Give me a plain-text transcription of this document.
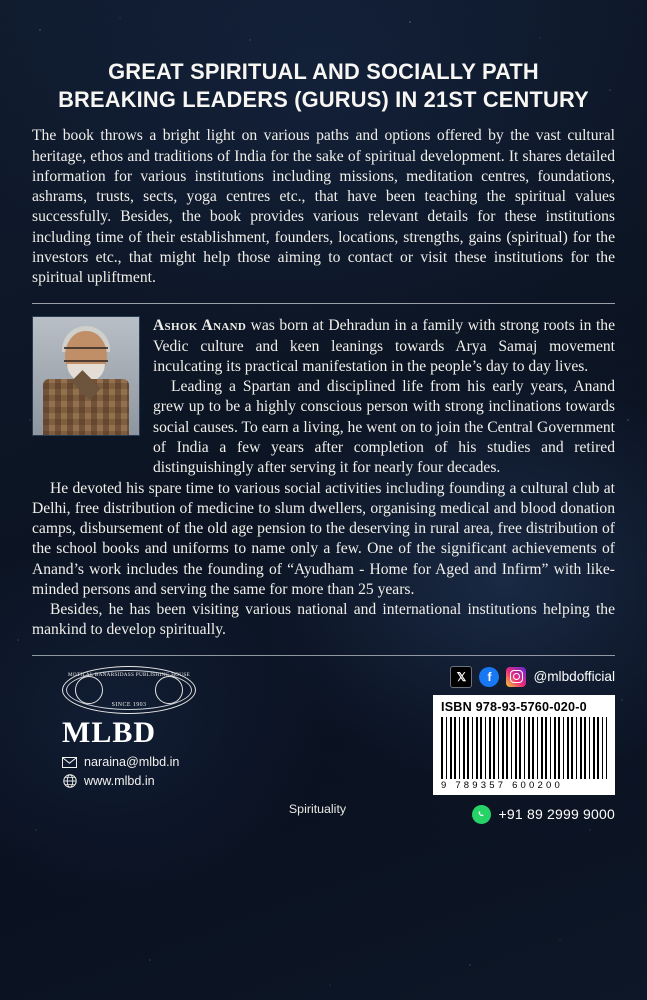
GREAT SPIRITUAL AND SOCIALLY PATH
BREAKING LEADERS (GURUS) IN 21ST CENTURY

The book throws a bright light on various paths and options offered by the vast cultural heritage, ethos and traditions of India for the sake of spiritual development. It shares detailed information for various institutions including missions, meditation centres, foundations, ashrams, trusts, sects, yoga centres etc., that have been teaching the spiritual values successfully. Besides, the book provides various relevant details for these institutions including time of their establishment, founders, locations, strengths, gains (spiritual) for the investors etc., that might help those aiming to contact or visit these institutions for the spiritual upliftment.

Ashok Anand was born at Dehradun in a family with strong roots in the Vedic culture and keen leanings towards Arya Samaj movement inculcating its practical manifestation in the people’s day to day lives.

Leading a Spartan and disciplined life from his early years, Anand grew up to be a highly conscious person with strong inclinations towards social causes. To earn a living, he went on to join the Central Government of India a few years after completion of his studies and retired distinguishingly after serving it for nearly four decades.

He devoted his spare time to various social activities including founding a cultural club at Delhi, free distribution of medicine to slum dwellers, organising medical and blood donation camps, disbursement of the old age pension to the deserving in rural area, free distribution of the school books and uniforms to name only a few. One of the significant achievements of Anand’s work includes the founding of “Ayudham - Home for Aged and Infirm” with like-minded persons and serving the same for more than 25 years.

Besides, he has been visiting various national and international institutions helping the mankind to develop spiritually.

MOTILAL BANARSIDASS PUBLISHING HOUSE
SINCE 1903
MLBD
naraina@mlbd.in
www.mlbd.in
Spirituality
𝕏	f	@mlbdofficial
ISBN 978-93-5760-020-0
9 789357 600200
+91 89 2999 9000
